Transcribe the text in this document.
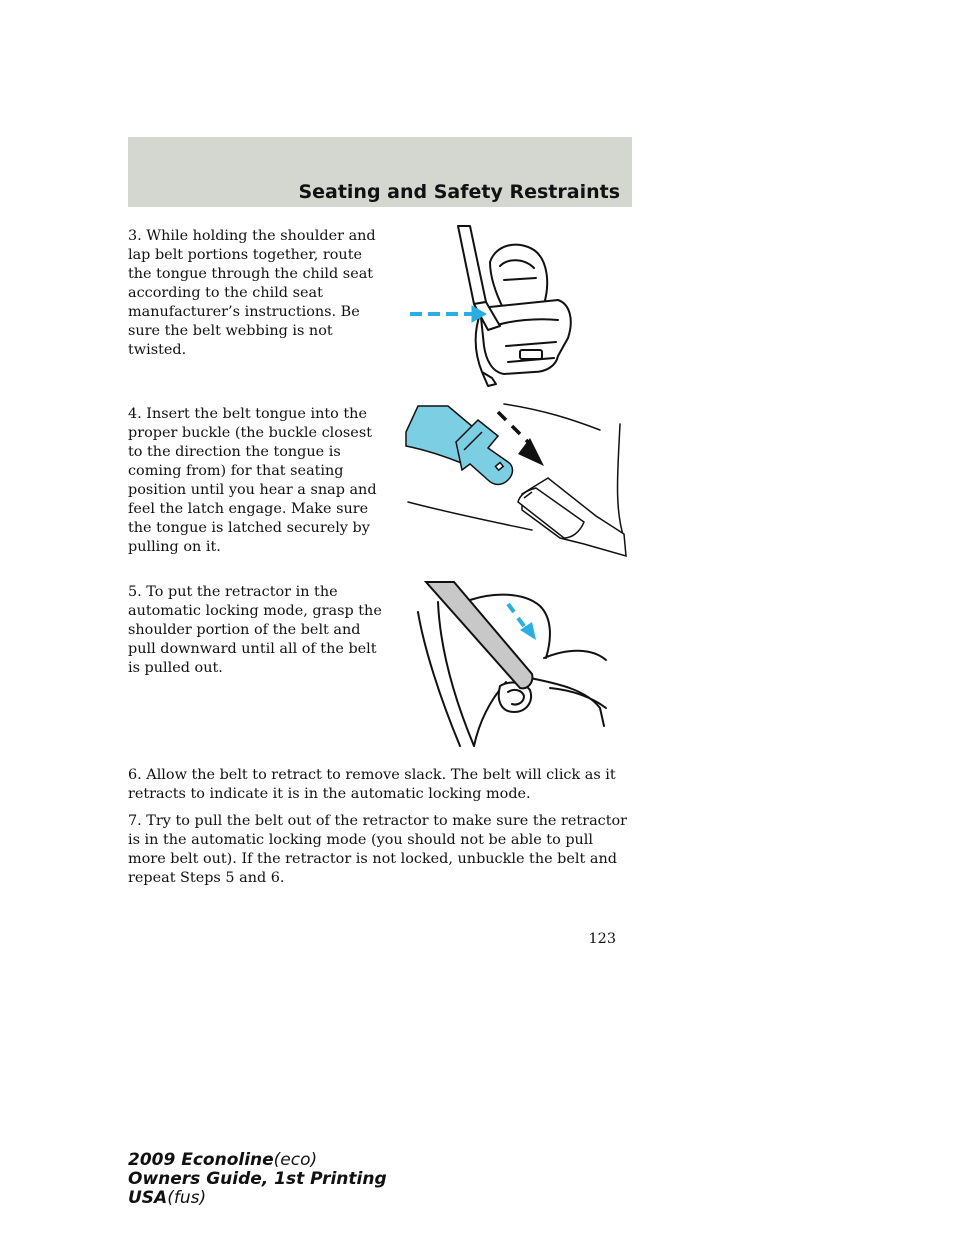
Seating and Safety Restraints

3. While holding the shoulder and lap belt portions together, route the tongue through the child seat according to the child seat manufacturer’s instructions. Be sure the belt webbing is not twisted.

4. Insert the belt tongue into the proper buckle (the buckle closest to the direction the tongue is coming from) for that seating position until you hear a snap and feel the latch engage. Make sure the tongue is latched securely by pulling on it.

5. To put the retractor in the automatic locking mode, grasp the shoulder portion of the belt and pull downward until all of the belt is pulled out.

6. Allow the belt to retract to remove slack. The belt will click as it retracts to indicate it is in the automatic locking mode.

7. Try to pull the belt out of the retractor to make sure the retractor is in the automatic locking mode (you should not be able to pull more belt out). If the retractor is not locked, unbuckle the belt and repeat Steps 5 and 6.

123
2009 Econoline(eco)
Owners Guide, 1st Printing
USA(fus)
